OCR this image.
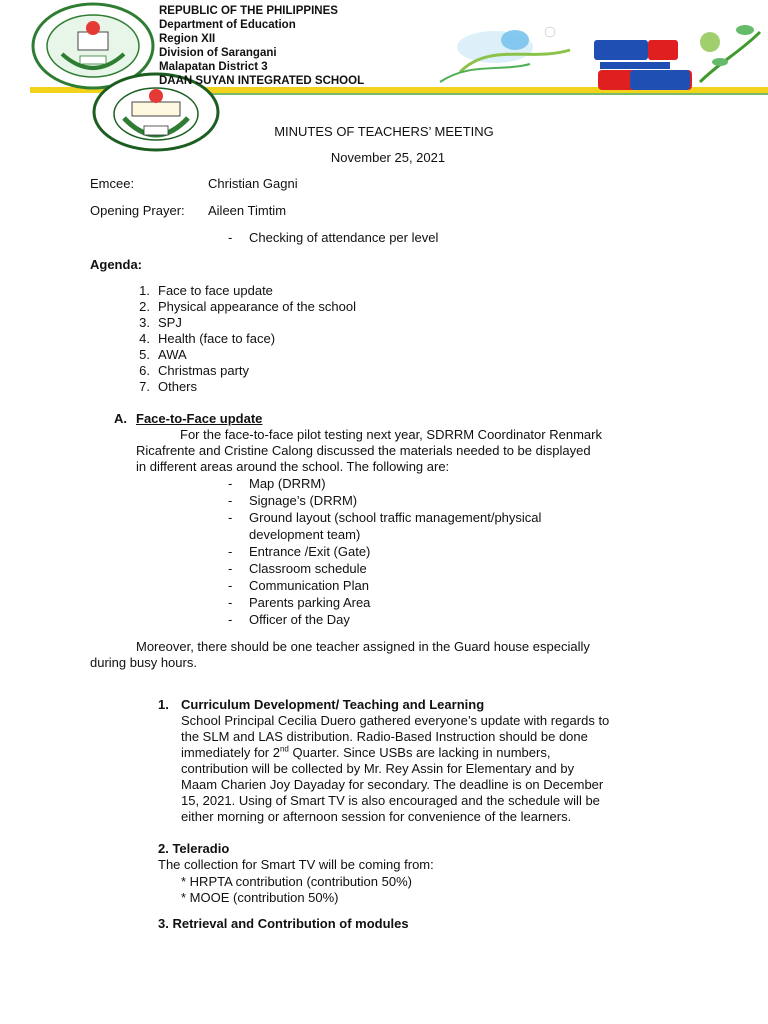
REPUBLIC OF THE PHILIPPINES
Department of Education
Region XII
Division of Sarangani
Malapatan District 3
DAAN SUYAN INTEGRATED SCHOOL
MINUTES OF TEACHERS’ MEETING
November 25, 2021
Emcee:	Christian Gagni
Opening Prayer: Aileen Timtim
- Checking of attendance per level
Agenda:
1. Face to face update
2. Physical appearance of the school
3. SPJ
4. Health (face to face)
5. AWA
6. Christmas party
7. Others
A. Face-to-Face update
For the face-to-face pilot testing next year, SDRRM Coordinator Renmark
Ricafrente and Cristine Calong discussed the materials needed to be displayed
in different areas around the school. The following are:
- Map (DRRM)
- Signage’s (DRRM)
- Ground layout (school traffic management/physical
development team)
- Entrance /Exit (Gate)
- Classroom schedule
- Communication Plan
- Parents parking Area
- Officer of the Day
Moreover, there should be one teacher assigned in the Guard house especially
during busy hours.
1. Curriculum Development/ Teaching and Learning
School Principal Cecilia Duero gathered everyone’s update with regards to
the SLM and LAS distribution. Radio-Based Instruction should be done
immediately for 2nd Quarter. Since USBs are lacking in numbers,
contribution will be collected by Mr. Rey Assin for Elementary and by
Maam Charien Joy Dayaday for secondary. The deadline is on December
15, 2021. Using of Smart TV is also encouraged and the schedule will be
either morning or afternoon session for convenience of the learners.
2. Teleradio
The collection for Smart TV will be coming from:
* HRPTA contribution (contribution 50%)
* MOOE (contribution 50%)
3. Retrieval and Contribution of modules
